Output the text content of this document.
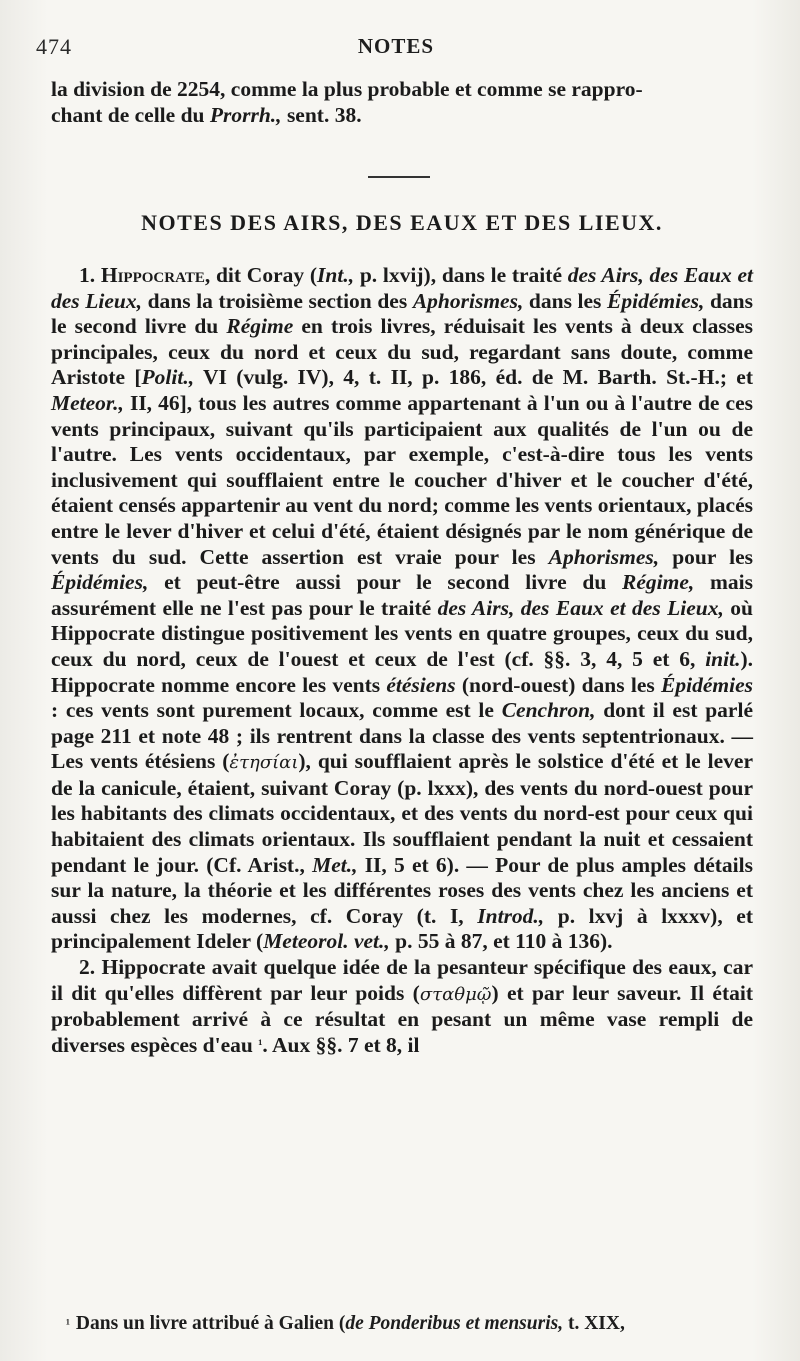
474	NOTES

la division de 2254, comme la plus probable et comme se rappro-

chant de celle du Prorrh., sent. 38.

NOTES DES AIRS, DES EAUX ET DES LIEUX.

1. Hippocrate, dit Coray (Int., p. lxvij), dans le traité des Airs, des Eaux et des Lieux, dans la troisième section des Aphorismes, dans les Épidémies, dans le second livre du Régime en trois livres, réduisait les vents à deux classes principales, ceux du nord et ceux du sud, regardant sans doute, comme Aristote [Polit., VI (vulg. IV), 4, t. II, p. 186, éd. de M. Barth. St.-H.; et Meteor., II, 46], tous les autres comme appartenant à l'un ou à l'autre de ces vents principaux, suivant qu'ils participaient aux qualités de l'un ou de l'autre. Les vents occidentaux, par exemple, c'est-à-dire tous les vents inclusivement qui soufflaient entre le coucher d'hiver et le coucher d'été, étaient censés appartenir au vent du nord; comme les vents orientaux, placés entre le lever d'hiver et celui d'été, étaient désignés par le nom générique de vents du sud. Cette assertion est vraie pour les Aphorismes, pour les Épidémies, et peut-être aussi pour le second livre du Régime, mais assurément elle ne l'est pas pour le traité des Airs, des Eaux et des Lieux, où Hippocrate distingue positivement les vents en quatre groupes, ceux du sud, ceux du nord, ceux de l'ouest et ceux de l'est (cf. §§. 3, 4, 5 et 6, init.). Hippocrate nomme encore les vents étésiens (nord-ouest) dans les Épidémies : ces vents sont purement locaux, comme est le Cenchron, dont il est parlé page 211 et note 48 ; ils rentrent dans la classe des vents septentrionaux. — Les vents étésiens (ἐτησίαι), qui soufflaient après le solstice d'été et le lever de la canicule, étaient, suivant Coray (p. lxxx), des vents du nord-ouest pour les habitants des climats occidentaux, et des vents du nord-est pour ceux qui habitaient des climats orientaux. Ils soufflaient pendant la nuit et cessaient pendant le jour. (Cf. Arist., Met., II, 5 et 6). — Pour de plus amples détails sur la nature, la théorie et les différentes roses des vents chez les anciens et aussi chez les modernes, cf. Coray (t. I, Introd., p. lxvj à lxxxv), et principalement Ideler (Meteorol. vet., p. 55 à 87, et 110 à 136).

2. Hippocrate avait quelque idée de la pesanteur spécifique des eaux, car il dit qu'elles diffèrent par leur poids (σταθμῷ) et par leur saveur. Il était probablement arrivé à ce résultat en pesant un même vase rempli de diverses espèces d'eau $^{^1}$. Aux §§. 7 et 8, il

$^{^1}$ Dans un livre attribué à Galien (de Ponderibus et mensuris, t. XIX,
